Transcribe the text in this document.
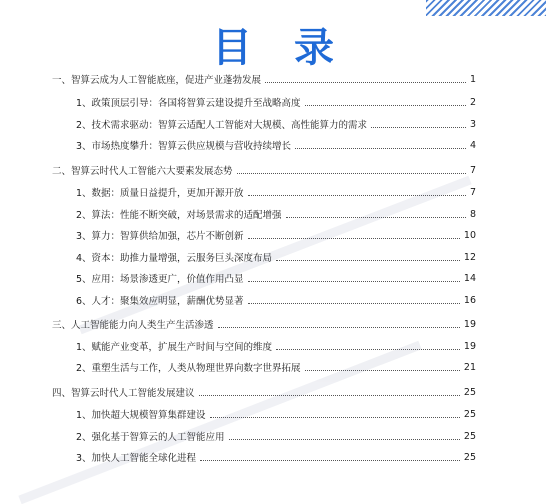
目 录
一、智算云成为人工智能底座，促进产业蓬勃发展	1
1、政策顶层引导：各国将智算云建设提升至战略高度	2
2、技术需求驱动：智算云适配人工智能对大规模、高性能算力的需求	3
3、市场热度攀升：智算云供应规模与营收持续增长	4
二、智算云时代人工智能六大要素发展态势	7
1、数据：质量日益提升，更加开源开放	7
2、算法：性能不断突破，对场景需求的适配增强	8
3、算力：智算供给加强，芯片不断创新	10
4、资本：助推力量增强，云服务巨头深度布局	12
5、应用：场景渗透更广，价值作用凸显	14
6、人才：聚集效应明显，薪酬优势显著	16
三、人工智能能力向人类生产生活渗透	19
1、赋能产业变革，扩展生产时间与空间的维度	19
2、重塑生活与工作，人类从物理世界向数字世界拓展	21
四、智算云时代人工智能发展建议	25
1、加快超大规模智算集群建设	25
2、强化基于智算云的人工智能应用	25
3、加快人工智能全球化进程	25
